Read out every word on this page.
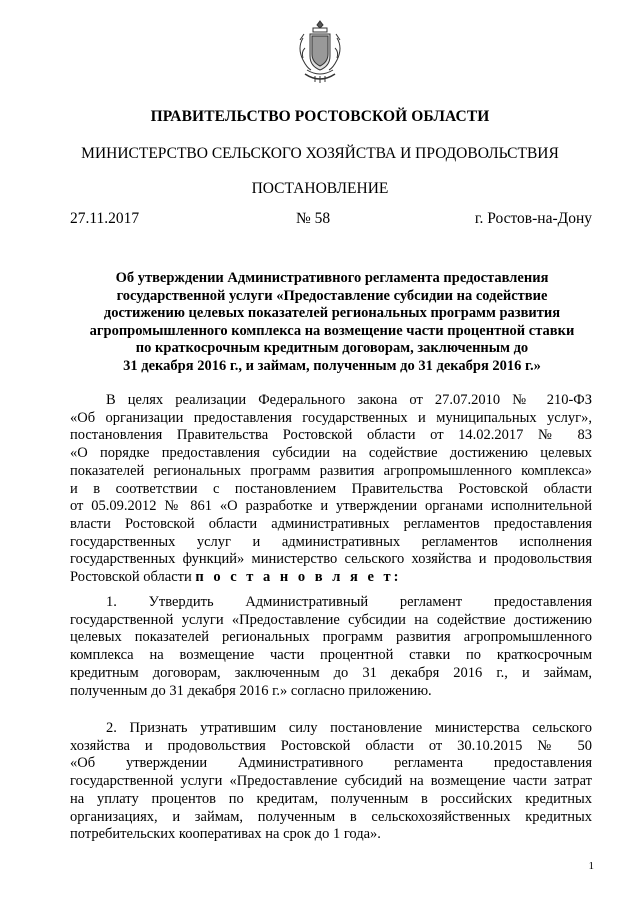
ПРАВИТЕЛЬСТВО РОСТОВСКОЙ ОБЛАСТИ
МИНИСТЕРСТВО СЕЛЬСКОГО ХОЗЯЙСТВА И ПРОДОВОЛЬСТВИЯ
ПОСТАНОВЛЕНИЕ
27.11.2017	№ 58	г. Ростов-на-Дону
Об утверждении Административного регламента предоставления
государственной услуги «Предоставление субсидии на содействие
достижению целевых показателей региональных программ развития
агропромышленного комплекса на возмещение части процентной ставки
по краткосрочным кредитным договорам, заключенным до
31 декабря 2016 г., и займам, полученным до 31 декабря 2016 г.»
В целях реализации Федерального закона от 27.07.2010 № 210-ФЗ
«Об организации предоставления государственных и муниципальных услуг»,
постановления Правительства Ростовской области от 14.02.2017 № 83
«О порядке предоставления субсидии на содействие достижению целевых
показателей региональных программ развития агропромышленного комплекса»
и в соответствии с постановлением Правительства Ростовской области
от 05.09.2012 № 861 «О разработке и утверждении органами исполнительной
власти Ростовской области административных регламентов предоставления
государственных услуг и административных регламентов исполнения
государственных функций» министерство сельского хозяйства и продовольствия
Ростовской области п о с т а н о в л я е т:
1. Утвердить Административный регламент предоставления
государственной услуги «Предоставление субсидии на содействие достижению
целевых показателей региональных программ развития агропромышленного
комплекса на возмещение части процентной ставки по краткосрочным
кредитным договорам, заключенным до 31 декабря 2016 г., и займам,
полученным до 31 декабря 2016 г.» согласно приложению.
2. Признать утратившим силу постановление министерства сельского
хозяйства и продовольствия Ростовской области от 30.10.2015 № 50
«Об утверждении Административного регламента предоставления
государственной услуги «Предоставление субсидий на возмещение части затрат
на уплату процентов по кредитам, полученным в российских кредитных
организациях, и займам, полученным в сельскохозяйственных кредитных
потребительских кооперативах на срок до 1 года».
1
